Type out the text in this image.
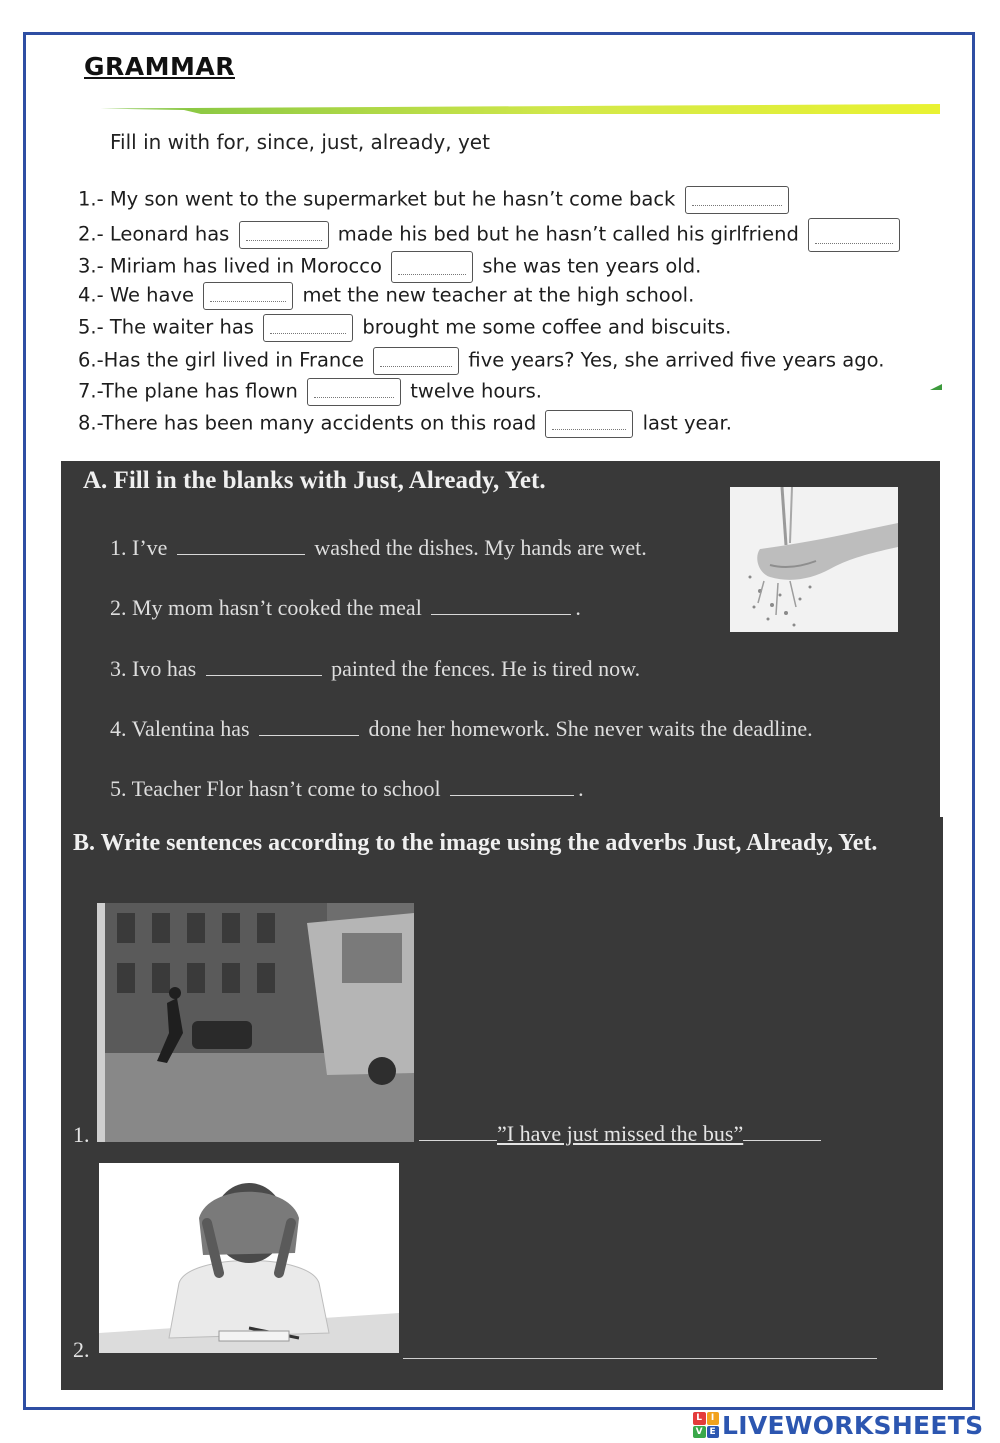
GRAMMAR
Fill in with for, since, just, already, yet
1.- My son went to the supermarket but he hasn’t come back
2.- Leonard has	made his bed but he hasn’t called his girlfriend
3.- Miriam has lived in Morocco	she was ten years old.
4.- We have	met the new teacher at the high school.
5.- The waiter has	brought me some coffee and biscuits.
6.-Has the girl lived in France	five years? Yes, she arrived five years ago.
7.-The plane has flown	twelve hours.
8.-There has been many accidents on this road	last year.
A. Fill in the blanks with Just, Already, Yet.
1. I’ve	washed the dishes. My hands are wet.
2. My mom hasn’t cooked the meal	.
3. Ivo has	painted the fences. He is tired now.
4. Valentina has	done her homework. She never waits the deadline.
5. Teacher Flor hasn’t come to school	.
B. Write sentences according to the image using the adverbs Just, Already, Yet.
1.	”I have just missed the bus”
2.
L I
V E LIVEWORKSHEETS
